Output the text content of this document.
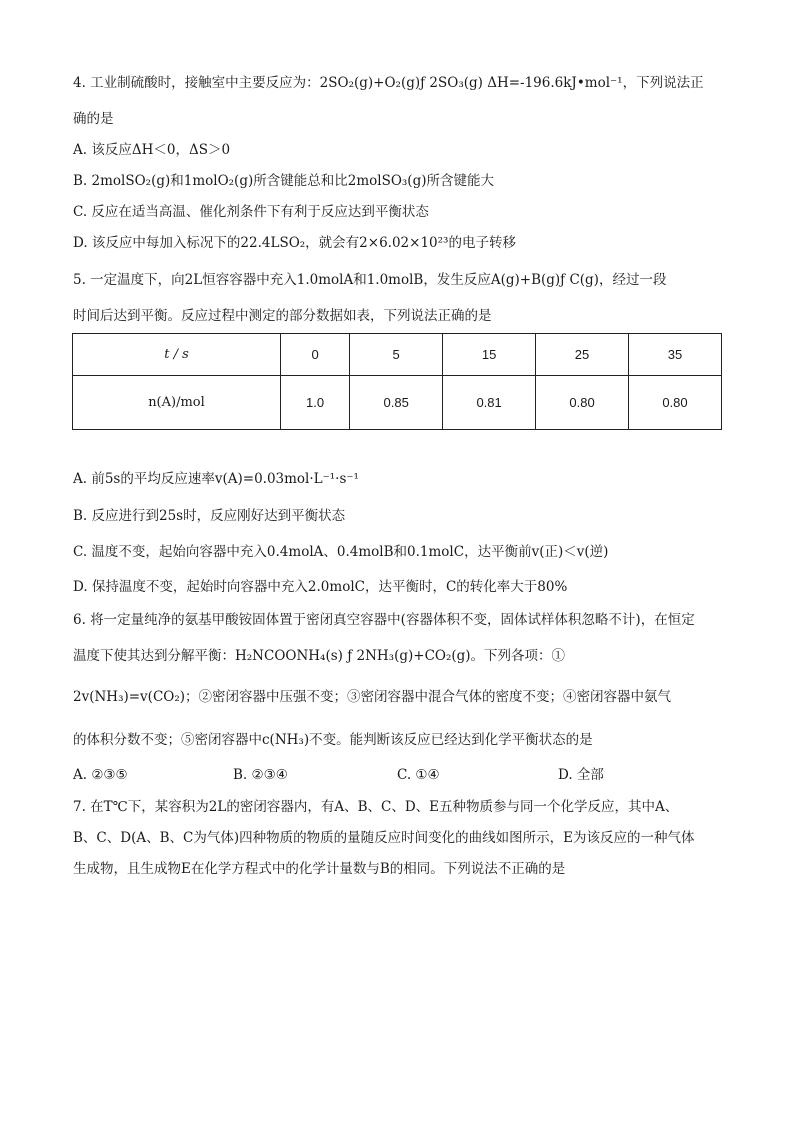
4. 工业制硫酸时，接触室中主要反应为：2SO₂(g)+O₂(g)ƒ 2SO₃(g) ΔH=-196.6kJ•mol⁻¹，下列说法正
确的是
A. 该反应ΔH＜0，ΔS＞0
B. 2molSO₂(g)和1molO₂(g)所含键能总和比2molSO₃(g)所含键能大
C. 反应在适当高温、催化剂条件下有利于反应达到平衡状态
D. 该反应中每加入标况下的22.4LSO₂，就会有2×6.02×10²³的电子转移
5. 一定温度下，向2L恒容容器中充入1.0molA和1.0molB，发生反应A(g)+B(g)ƒ C(g)，经过一段
时间后达到平衡。反应过程中测定的部分数据如表，下列说法正确的是
t / s	0	5	15	25	35
n(A)/mol	1.0	0.85	0.81	0.80	0.80
A. 前5s的平均反应速率v(A)=0.03mol·L⁻¹·s⁻¹
B. 反应进行到25s时，反应刚好达到平衡状态
C. 温度不变，起始向容器中充入0.4molA、0.4molB和0.1molC，达平衡前v(正)＜v(逆)
D. 保持温度不变，起始时向容器中充入2.0molC，达平衡时，C的转化率大于80%
6. 将一定量纯净的氨基甲酸铵固体置于密闭真空容器中(容器体积不变，固体试样体积忽略不计)，在恒定
温度下使其达到分解平衡：H₂NCOONH₄(s) ƒ 2NH₃(g)+CO₂(g)。下列各项：①
2v(NH₃)=v(CO₂)；②密闭容器中压强不变；③密闭容器中混合气体的密度不变；④密闭容器中氨气
的体积分数不变；⑤密闭容器中c(NH₃)不变。能判断该反应已经达到化学平衡状态的是
A. ②③⑤	B. ②③④	C. ①④	D. 全部
7. 在T℃下，某容积为2L的密闭容器内，有A、B、C、D、E五种物质参与同一个化学反应，其中A、
B、C、D(A、B、C为气体)四种物质的物质的量随反应时间变化的曲线如图所示，E为该反应的一种气体
生成物，且生成物E在化学方程式中的化学计量数与B的相同。下列说法不正确的是
